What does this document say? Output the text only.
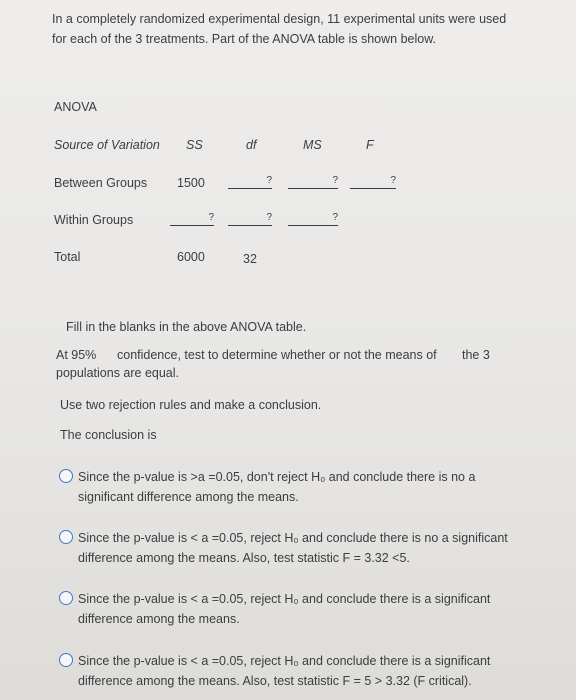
In a completely randomized experimental design, 11 experimental units were used
for each of the 3 treatments. Part of the ANOVA table is shown below.
ANOVA
Source of Variation SS	df	MS	F
Between Groups 1500	?	?	?
Within Groups	?	?	?
Total	6000	32
Fill in the blanks in the above ANOVA table.
At 95% confidence, test to determine whether or not the means of the 3
populations are equal.
Use two rejection rules and make a conclusion.
The conclusion is
Since the p-value is >a =0.05, don't reject H₀ and conclude there is no a
significant difference among the means.
Since the p-value is < a =0.05, reject H₀ and conclude there is no a significant
difference among the means. Also, test statistic F = 3.32 <5.
Since the p-value is < a =0.05, reject H₀ and conclude there is a significant
difference among the means.
Since the p-value is < a =0.05, reject H₀ and conclude there is a significant
difference among the means. Also, test statistic F = 5 > 3.32 (F critical).
